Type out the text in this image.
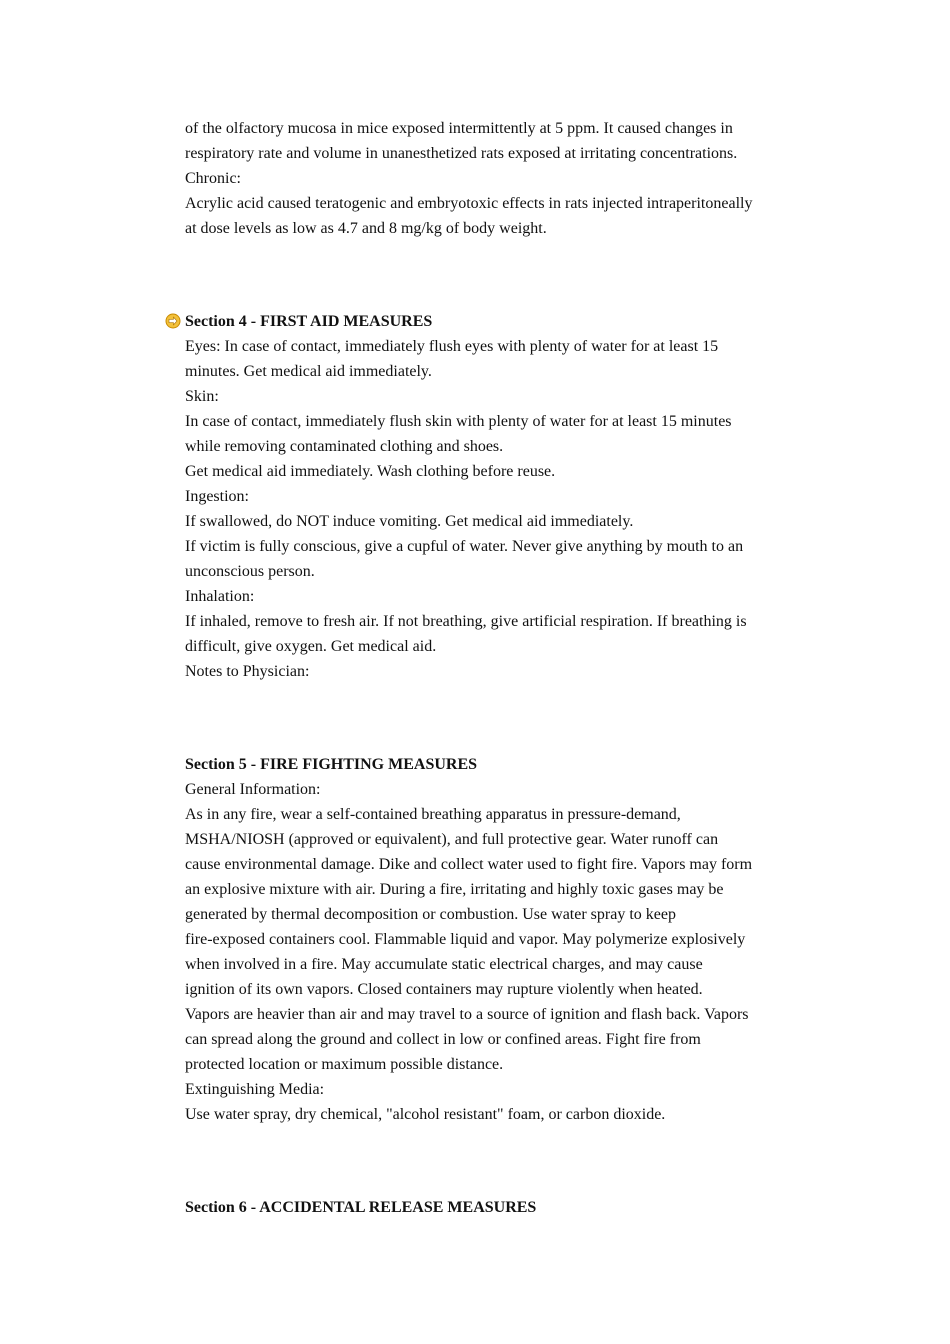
of the olfactory mucosa in mice exposed intermittently at 5 ppm. It caused changes in
respiratory rate and volume in unanesthetized rats exposed at irritating concentrations.
Chronic:
Acrylic acid caused teratogenic and embryotoxic effects in rats injected intraperitoneally
at dose levels as low as 4.7 and 8 mg/kg of body weight.
Section 4 - FIRST AID MEASURES
Eyes: In case of contact, immediately flush eyes with plenty of water for at least 15
minutes. Get medical aid immediately.
Skin:
In case of contact, immediately flush skin with plenty of water for at least 15 minutes
while removing contaminated clothing and shoes.
Get medical aid immediately. Wash clothing before reuse.
Ingestion:
If swallowed, do NOT induce vomiting. Get medical aid immediately.
If victim is fully conscious, give a cupful of water. Never give anything by mouth to an
unconscious person.
Inhalation:
If inhaled, remove to fresh air. If not breathing, give artificial respiration. If breathing is
difficult, give oxygen. Get medical aid.
Notes to Physician:
Section 5 - FIRE FIGHTING MEASURES
General Information:
As in any fire, wear a self-contained breathing apparatus in pressure-demand,
MSHA/NIOSH (approved or equivalent), and full protective gear. Water runoff can
cause environmental damage. Dike and collect water used to fight fire. Vapors may form
an explosive mixture with air. During a fire, irritating and highly toxic gases may be
generated by thermal decomposition or combustion. Use water spray to keep
fire-exposed containers cool. Flammable liquid and vapor. May polymerize explosively
when involved in a fire. May accumulate static electrical charges, and may cause
ignition of its own vapors. Closed containers may rupture violently when heated.
Vapors are heavier than air and may travel to a source of ignition and flash back. Vapors
can spread along the ground and collect in low or confined areas. Fight fire from
protected location or maximum possible distance.
Extinguishing Media:
Use water spray, dry chemical, "alcohol resistant" foam, or carbon dioxide.
Section 6 - ACCIDENTAL RELEASE MEASURES
